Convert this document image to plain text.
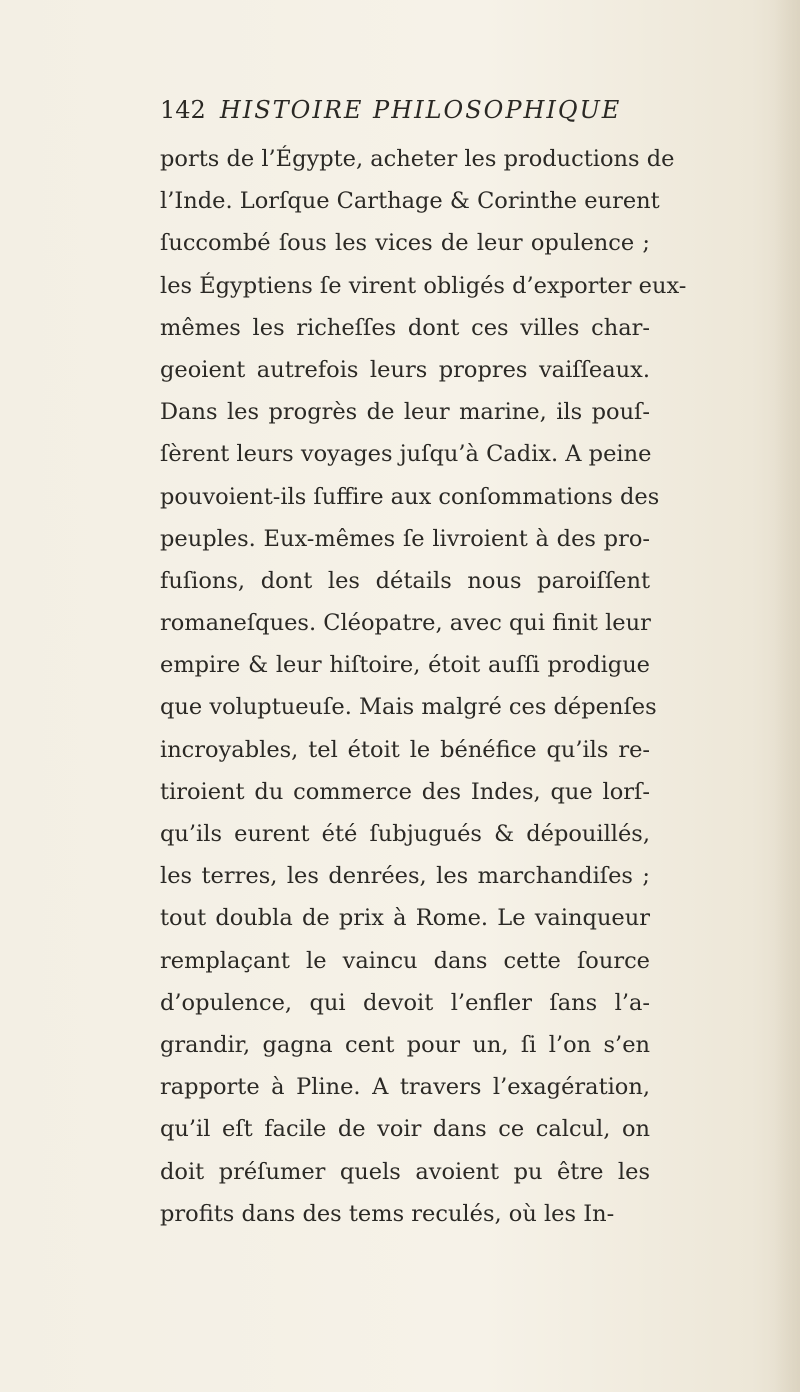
142 HISTOIRE PHILOSOPHIQUE
ports de l’Égypte, acheter les productions de
l’Inde. Lorſque Carthage & Corinthe eurent
ſuccombé ſous les vices de leur opulence ;
les Égyptiens ſe virent obligés d’exporter eux-
mêmes les richeſſes dont ces villes char-
geoient autrefois leurs propres vaiſſeaux.
Dans les progrès de leur marine, ils pouſ-
ſèrent leurs voyages juſqu’à Cadix. A peine
pouvoient-ils ſuffire aux conſommations des
peuples. Eux-mêmes ſe livroient à des pro-
fuſions, dont les détails nous paroiſſent
romaneſques. Cléopatre, avec qui finit leur
empire & leur hiſtoire, étoit auſſi prodigue
que voluptueuſe. Mais malgré ces dépenſes
incroyables, tel étoit le bénéfice qu’ils re-
tiroient du commerce des Indes, que lorſ-
qu’ils eurent été ſubjugués & dépouillés,
les terres, les denrées, les marchandiſes ;
tout doubla de prix à Rome. Le vainqueur
remplaçant le vaincu dans cette ſource
d’opulence, qui devoit l’enfler ſans l’a-
grandir, gagna cent pour un, ſi l’on s’en
rapporte à Pline. A travers l’exagération,
qu’il eſt facile de voir dans ce calcul, on
doit préſumer quels avoient pu être les
profits dans des tems reculés, où les In-
